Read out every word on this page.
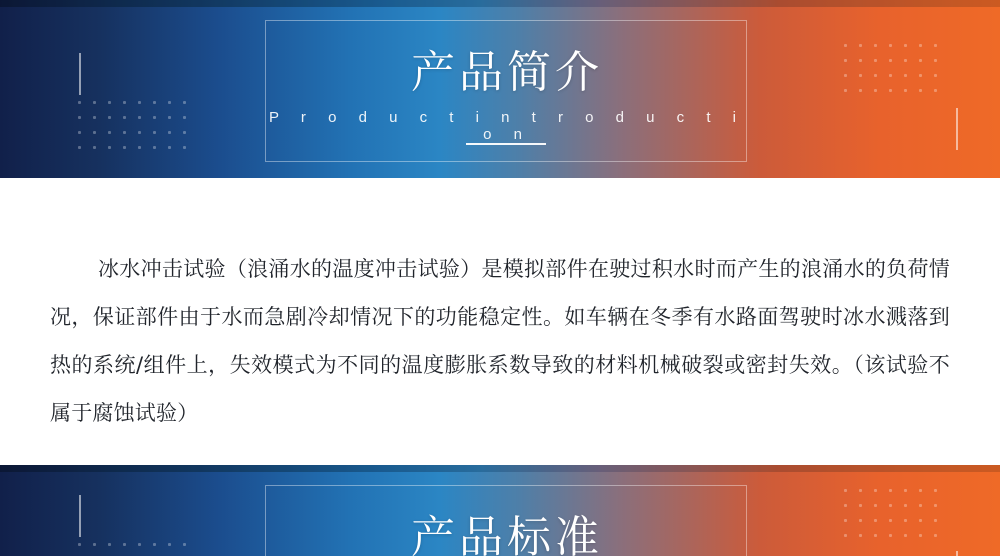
产品简介
P r o d u c t i n t r o d u c t i o n

冰水冲击试验（浪涌水的温度冲击试验）是模拟部件在驶过积水时而产生的浪涌水的负荷情况，保证部件由于水而急剧冷却情况下的功能稳定性。如车辆在冬季有水路面驾驶时冰水溅落到热的系统/组件上，失效模式为不同的温度膨胀系数导致的材料机械破裂或密封失效。（该试验不属于腐蚀试验）

产品标准
